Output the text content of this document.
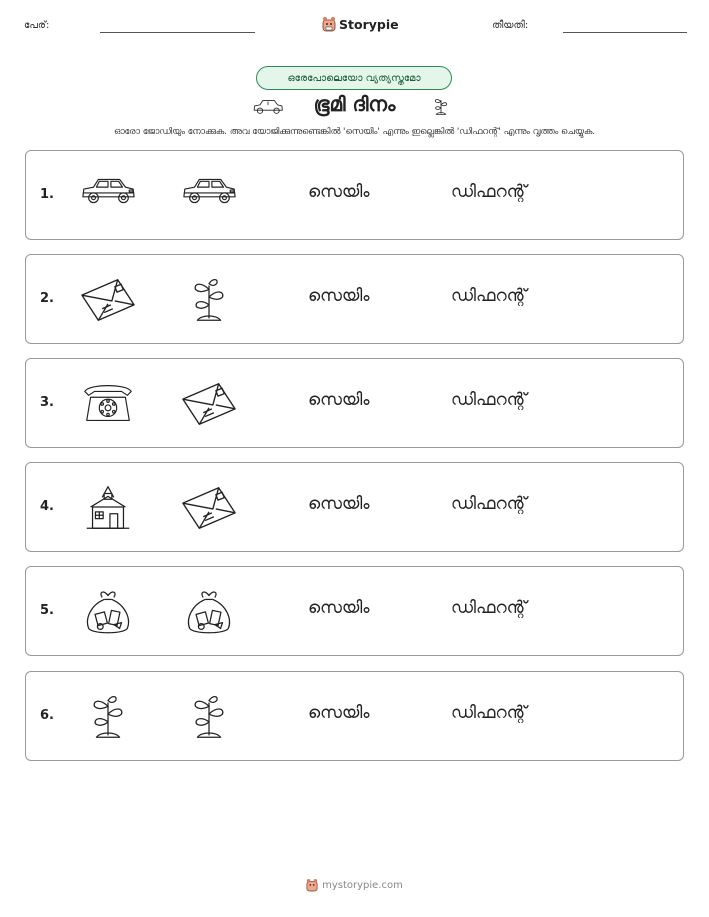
പേര്:	Storypie	തീയതി:
ഒരേപോലെയോ വ്യത്യസ്തമോ
ഭൂമി ദിനം
ഓരോ ജോഡിയും നോക്കുക. അവ യോജിക്കുന്നുണ്ടെങ്കിൽ 'സെയിം' എന്നും ഇല്ലെങ്കിൽ 'ഡിഫറന്റ്' എന്നും വൃത്തം ചെയ്യുക.
1.	സെയിം	ഡിഫറന്റ്
2.	സെയിം	ഡിഫറന്റ്
3.	സെയിം	ഡിഫറന്റ്
4.	സെയിം	ഡിഫറന്റ്
5.	സെയിം	ഡിഫറന്റ്
6.	സെയിം	ഡിഫറന്റ്
mystorypie.com
